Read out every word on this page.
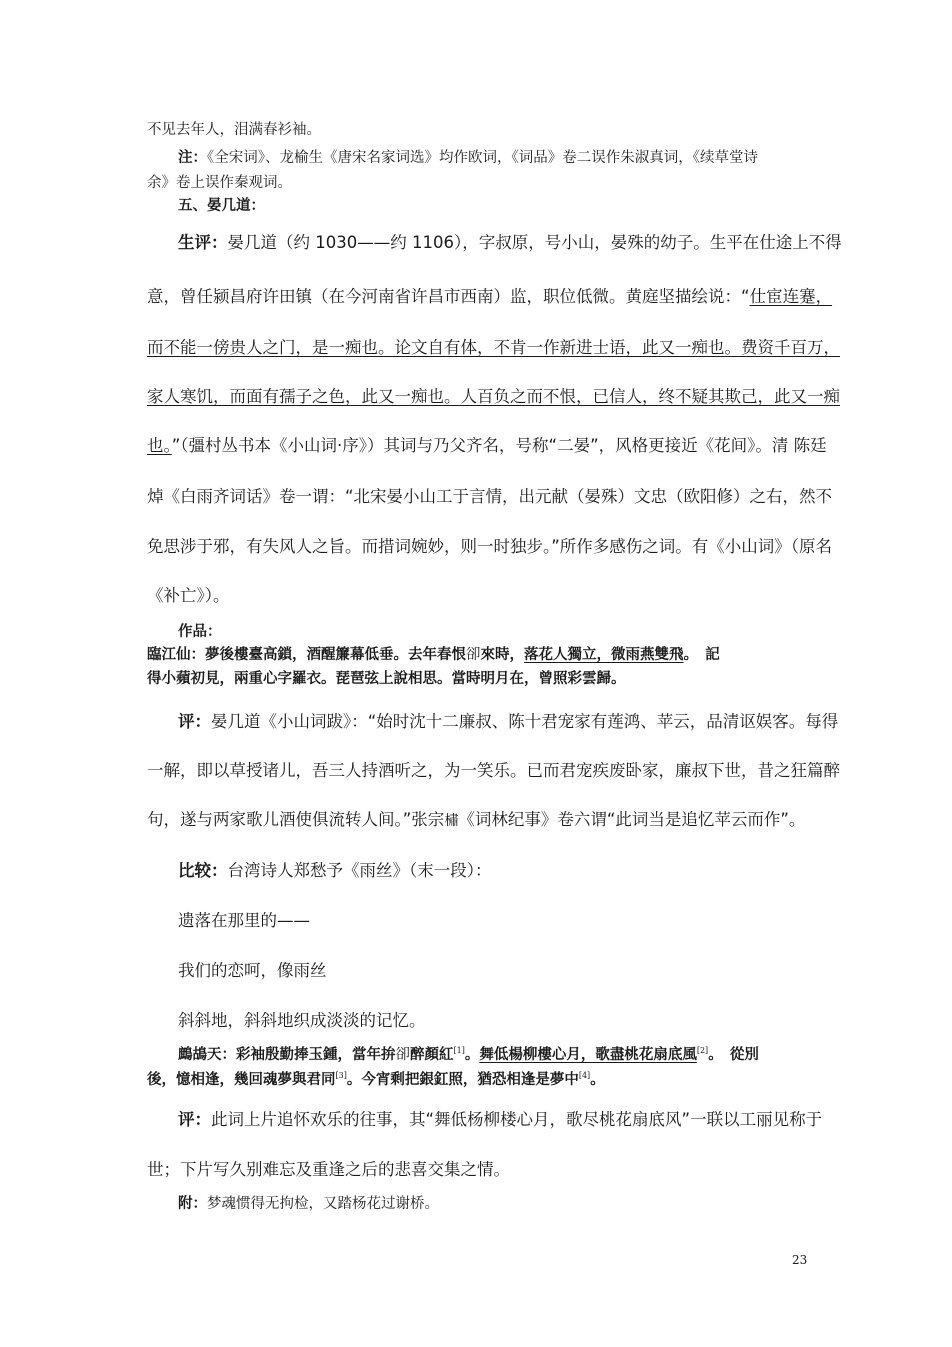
不见去年人，泪满春衫袖。

注：《全宋词》、龙榆生《唐宋名家词选》均作欧词，《词品》卷二误作朱淑真词，《续草堂诗

余》卷上误作秦观词。

五、晏几道：

生评：晏几道（约 1030——约 1106），字叔原，号小山，晏殊的幼子。生平在仕途上不得

意，曾任颍昌府许田镇（在今河南省许昌市西南）监，职位低微。黄庭坚描绘说：“仕宦连蹇，

而不能一傍贵人之门，是一痴也。论文自有体，不肯一作新进士语，此又一痴也。费资千百万，

家人寒饥，而面有孺子之色，此又一痴也。人百负之而不恨，已信人，终不疑其欺己，此又一痴

也。”（彊村丛书本《小山词·序》）其词与乃父齐名，号称“二晏”，风格更接近《花间》。清 陈廷

焯《白雨齐词话》卷一谓：“北宋晏小山工于言情，出元献（晏殊）文忠（欧阳修）之右，然不

免思涉于邪，有失风人之旨。而措词婉妙，则一时独步。”所作多感伤之词。有《小山词》（原名

《补亡》）。

作品：

臨江仙：夢後樓臺高鎖，酒醒簾幕低垂。去年春恨卻來時，落花人獨立，微雨燕雙飛。　記

得小蘋初見，兩重心字羅衣。琵琶弦上說相思。當時明月在，曾照彩雲歸。

评：晏几道《小山词跋》：“始时沈十二廉叔、陈十君宠家有莲鸿、苹云，品清讴娱客。每得

一解，即以草授诸儿，吾三人持酒听之，为一笑乐。已而君宠疾废卧家，廉叔下世，昔之狂篇醉

句，遂与两家歌儿酒使俱流转人间。”张宗橚《词林纪事》卷六谓“此词当是追忆苹云而作”。

比较：台湾诗人郑愁予《雨丝》（末一段）：

遗落在那里的——

我们的恋呵，像雨丝

斜斜地，斜斜地织成淡淡的记忆。

鷓鴣天：彩袖殷勤捧玉鍾，當年拚卻醉顏紅[1]。舞低楊柳樓心月，歌盡桃花扇底風[2]。　從別

後，憶相逢，幾回魂夢與君同[3]。今宵剩把銀釭照，猶恐相逢是夢中[4]。

评：此词上片追怀欢乐的往事，其“舞低杨柳楼心月，歌尽桃花扇底风”一联以工丽见称于

世；下片写久别难忘及重逢之后的悲喜交集之情。

附：梦魂惯得无拘检，又踏杨花过谢桥。

23
